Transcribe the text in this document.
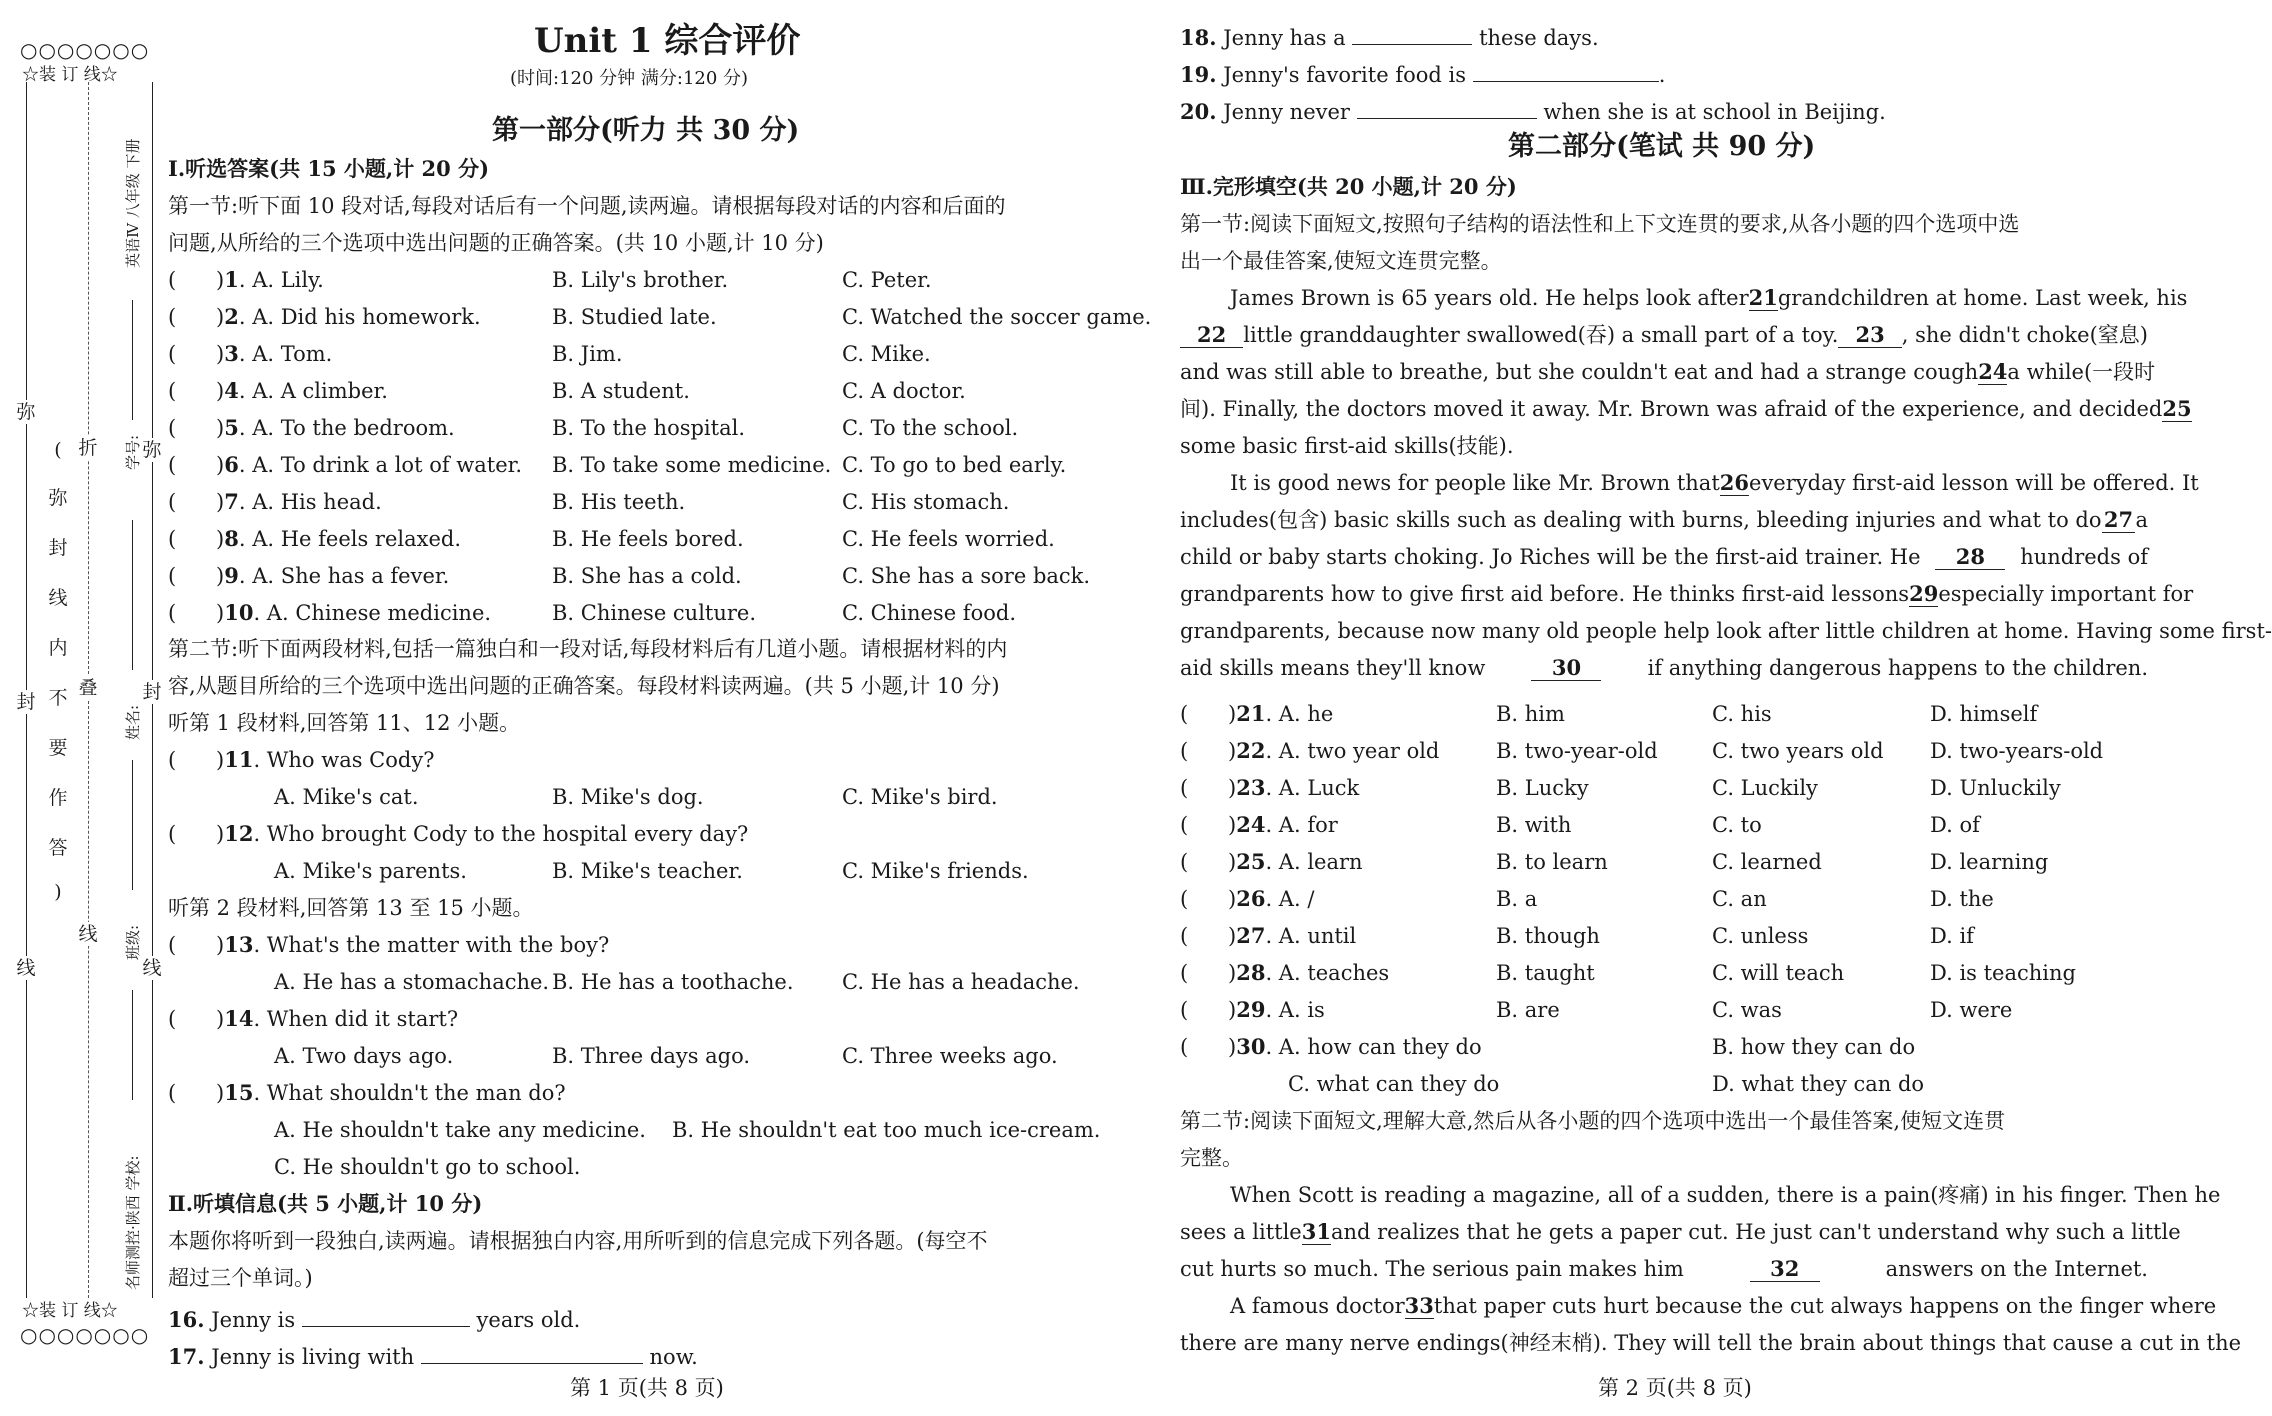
○○○○○○○
☆装 订 线☆
○○○○○○○
☆装 订 线☆
弥
封
线
(
弥
封
线
内
不
要
作
答
)
折
叠
线
弥
封
线
英语Ⅳ 八年级 下册
学号:
姓名:
班级:
名师测控·陕西 学校:
Unit 1 综合评价
(时间:120 分钟 满分:120 分)
第一部分(听力 共 30 分)
Ⅰ.听选答案(共 15 小题,计 20 分)
第一节:听下面 10 段对话,每段对话后有一个问题,读两遍。请根据每段对话的内容和后面的
问题,从所给的三个选项中选出问题的正确答案。(共 10 小题,计 10 分)
( )1. A. Lily.	B. Lily's brother.	C. Peter.
( )2. A. Did his homework.	B. Studied late.	C. Watched the soccer game.
( )3. A. Tom.	B. Jim.	C. Mike.
( )4. A. A climber.	B. A student.	C. A doctor.
( )5. A. To the bedroom.	B. To the hospital.	C. To the school.
( )6. A. To drink a lot of water. B. To take some medicine. C. To go to bed early.
( )7. A. His head.	B. His teeth.	C. His stomach.
( )8. A. He feels relaxed.	B. He feels bored.	C. He feels worried.
( )9. A. She has a fever.	B. She has a cold.	C. She has a sore back.
( )10. A. Chinese medicine.	B. Chinese culture.	C. Chinese food.
第二节:听下面两段材料,包括一篇独白和一段对话,每段材料后有几道小题。请根据材料的内
容,从题目所给的三个选项中选出问题的正确答案。每段材料读两遍。(共 5 小题,计 10 分)
听第 1 段材料,回答第 11、12 小题。
( )11. Who was Cody?
A. Mike's cat.	B. Mike's dog.	C. Mike's bird.
( )12. Who brought Cody to the hospital every day?
A. Mike's parents.	B. Mike's teacher.	C. Mike's friends.
听第 2 段材料,回答第 13 至 15 小题。
( )13. What's the matter with the boy?
A. He has a stomachache. B. He has a toothache. C. He has a headache.
( )14. When did it start?
A. Two days ago.	B. Three days ago.	C. Three weeks ago.
( )15. What shouldn't the man do?
A. He shouldn't take any medicine. B. He shouldn't eat too much ice-cream.
C. He shouldn't go to school.
Ⅱ.听填信息(共 5 小题,计 10 分)
本题你将听到一段独白,读两遍。请根据独白内容,用所听到的信息完成下列各题。(每空不
超过三个单词。)
16. Jenny is	years old.
17. Jenny is living with	now.
第 1 页(共 8 页)
18. Jenny has a	these days.
19. Jenny's favorite food is	.
20. Jenny never	when she is at school in Beijing.
第二部分(笔试 共 90 分)
Ⅲ.完形填空(共 20 小题,计 20 分)
第一节:阅读下面短文,按照句子结构的语法性和上下文连贯的要求,从各小题的四个选项中选
出一个最佳答案,使短文连贯完整。
James Brown is 65 years old. He helps look after 21 grandchildren at home. Last week, his
22 little granddaughter swallowed(吞) a small part of a toy. 23 , she didn't choke(窒息)
and was still able to breathe, but she couldn't eat and had a strange cough 24 a while(一段时
间). Finally, the doctors moved it away. Mr. Brown was afraid of the experience, and decided 25
some basic first-aid skills(技能).
It is good news for people like Mr. Brown that 26 everyday first-aid lesson will be offered. It
includes(包含) basic skills such as dealing with burns, bleeding injuries and what to do 27 a
child or baby starts choking. Jo Riches will be the first-aid trainer. He	28	hundreds of
grandparents how to give first aid before. He thinks first-aid lessons 29 especially important for
grandparents, because now many old people help look after little children at home. Having some first-
aid skills means they'll know	30	if anything dangerous happens to the children.
( )21. A. he	B. him	C. his	D. himself
( )22. A. two year old	B. two-year-old	C. two years old D. two-years-old
( )23. A. Luck	B. Lucky	C. Luckily	D. Unluckily
( )24. A. for	B. with	C. to	D. of
( )25. A. learn	B. to learn	C. learned	D. learning
( )26. A. /	B. a	C. an	D. the
( )27. A. until	B. though	C. unless	D. if
( )28. A. teaches	B. taught	C. will teach	D. is teaching
( )29. A. is	B. are	C. was	D. were
( )30. A. how can they do	B. how they can do
C. what can they do	D. what they can do
第二节:阅读下面短文,理解大意,然后从各小题的四个选项中选出一个最佳答案,使短文连贯
完整。
When Scott is reading a magazine, all of a sudden, there is a pain(疼痛) in his finger. Then he
sees a little 31 and realizes that he gets a paper cut. He just can't understand why such a little
cut hurts so much. The serious pain makes him	32	answers on the Internet.
A famous doctor 33 that paper cuts hurt because the cut always happens on the finger where
there are many nerve endings(神经末梢). They will tell the brain about things that cause a cut in the
第 2 页(共 8 页)
